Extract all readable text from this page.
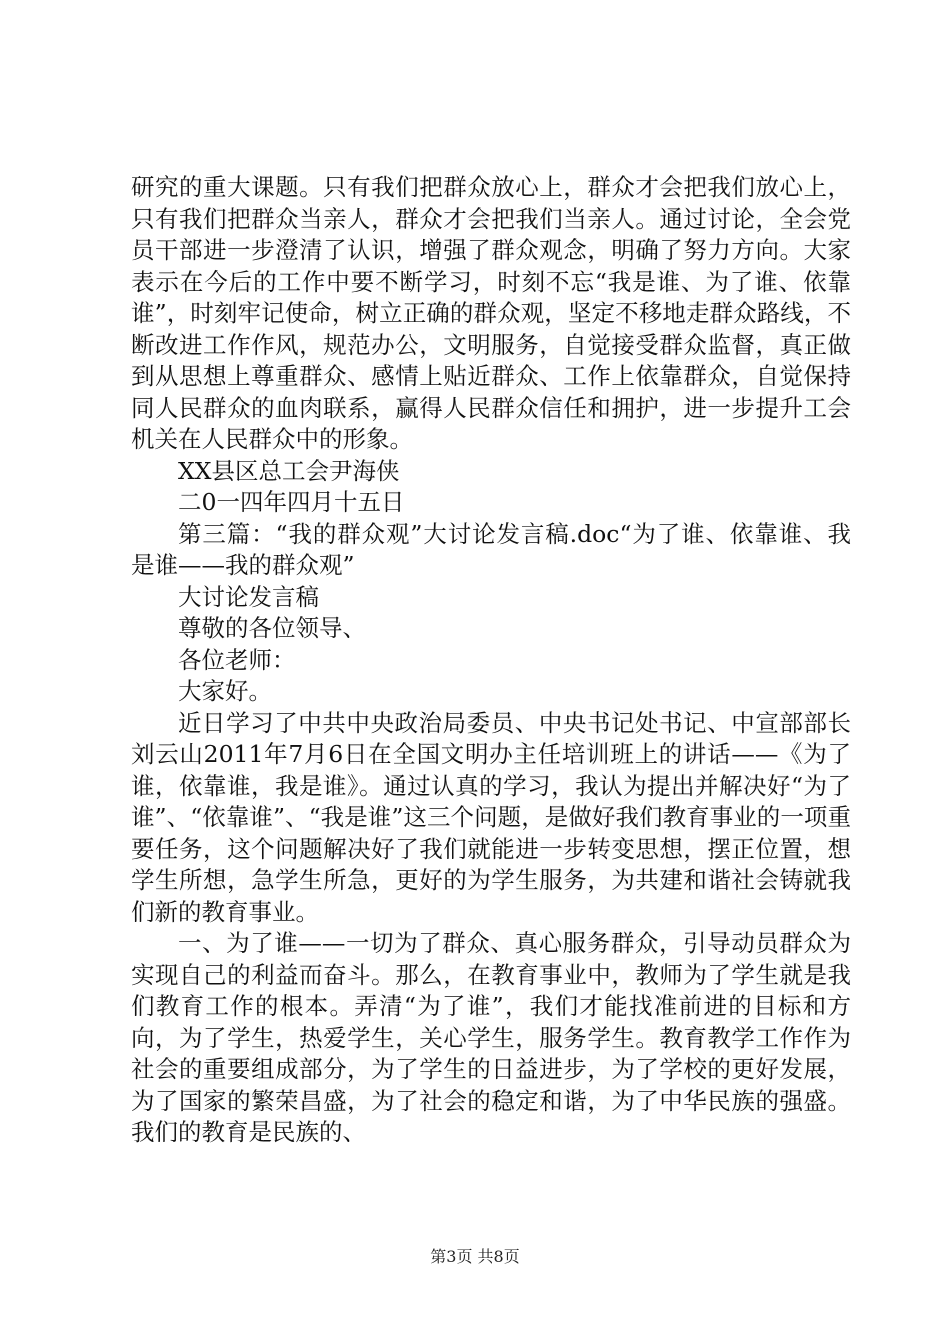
研究的重大课题。只有我们把群众放心上，群众才会把我们放心上，只有我们把群众当亲人，群众才会把我们当亲人。通过讨论，全会党员干部进一步澄清了认识，增强了群众观念，明确了努力方向。大家表示在今后的工作中要不断学习，时刻不忘“我是谁、为了谁、依靠谁”，时刻牢记使命，树立正确的群众观，坚定不移地走群众路线，不断改进工作作风，规范办公，文明服务，自觉接受群众监督，真正做到从思想上尊重群众、感情上贴近群众、工作上依靠群众，自觉保持同人民群众的血肉联系，赢得人民群众信任和拥护，进一步提升工会机关在人民群众中的形象。

XX县区总工会尹海侠

二0一四年四月十五日

第三篇：“我的群众观”大讨论发言稿.doc“为了谁、依靠谁、我是谁——我的群众观”

大讨论发言稿

尊敬的各位领导、

各位老师：

大家好。

近日学习了中共中央政治局委员、中央书记处书记、中宣部部长刘云山2011年7月6日在全国文明办主任培训班上的讲话——《为了谁，依靠谁，我是谁》。通过认真的学习，我认为提出并解决好“为了谁”、“依靠谁”、“我是谁”这三个问题，是做好我们教育事业的一项重要任务，这个问题解决好了我们就能进一步转变思想，摆正位置，想学生所想，急学生所急，更好的为学生服务，为共建和谐社会铸就我们新的教育事业。

一、为了谁——一切为了群众、真心服务群众，引导动员群众为实现自己的利益而奋斗。那么，在教育事业中，教师为了学生就是我们教育工作的根本。弄清“为了谁”，我们才能找准前进的目标和方向，为了学生，热爱学生，关心学生，服务学生。教育教学工作作为社会的重要组成部分，为了学生的日益进步，为了学校的更好发展，为了国家的繁荣昌盛，为了社会的稳定和谐，为了中华民族的强盛。我们的教育是民族的、

第3页 共8页
